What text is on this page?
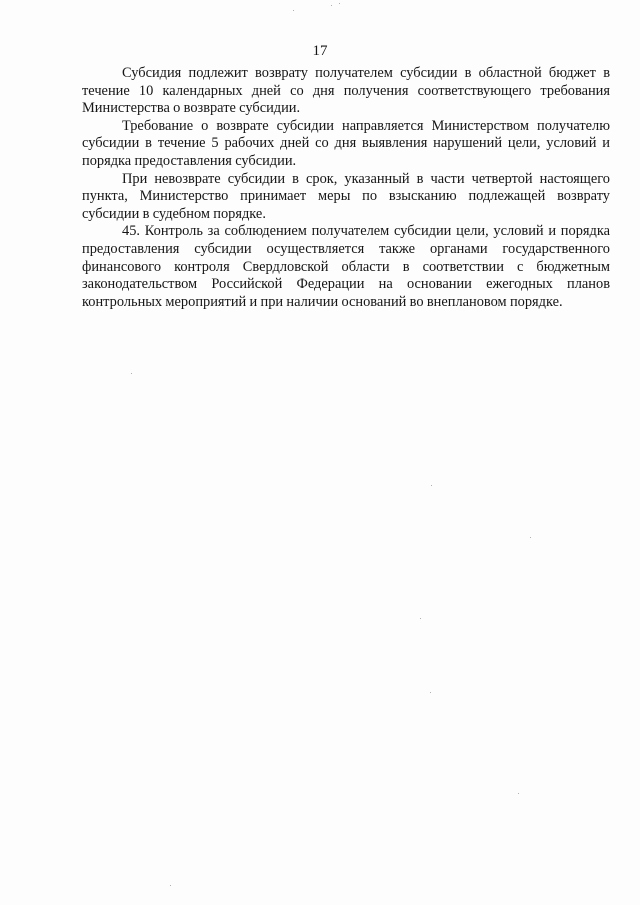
17

Субсидия подлежит возврату получателем субсидии в областной бюджет в течение 10 календарных дней со дня получения соответствующего требования Министерства о возврате субсидии.

Требование о возврате субсидии направляется Министерством получателю субсидии в течение 5 рабочих дней со дня выявления нарушений цели, условий и порядка предоставления субсидии.

При невозврате субсидии в срок, указанный в части четвертой настоящего пункта, Министерство принимает меры по взысканию подлежащей возврату субсидии в судебном порядке.

45. Контроль за соблюдением получателем субсидии цели, условий и порядка предоставления субсидии осуществляется также органами государственного финансового контроля Свердловской области в соответствии с бюджетным законодательством Российской Федерации на основании ежегодных планов контрольных мероприятий и при наличии оснований во внеплановом порядке.
